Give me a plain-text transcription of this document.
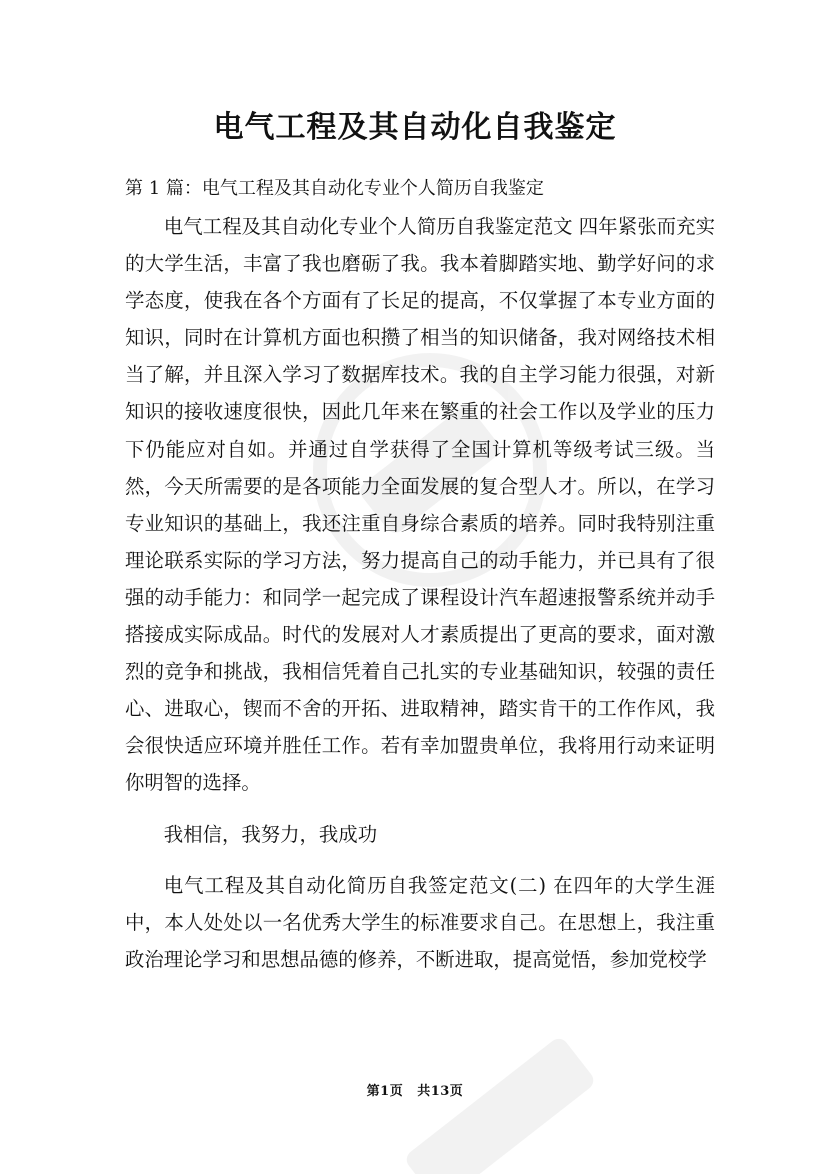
电气工程及其自动化自我鉴定
第 1 篇：电气工程及其自动化专业个人简历自我鉴定

电气工程及其自动化专业个人简历自我鉴定范文 四年紧张而充实的大学生活，丰富了我也磨砺了我。我本着脚踏实地、勤学好问的求学态度，使我在各个方面有了长足的提高，不仅掌握了本专业方面的知识，同时在计算机方面也积攒了相当的知识储备，我对网络技术相当了解，并且深入学习了数据库技术。我的自主学习能力很强，对新知识的接收速度很快，因此几年来在繁重的社会工作以及学业的压力下仍能应对自如。并通过自学获得了全国计算机等级考试三级。当然，今天所需要的是各项能力全面发展的复合型人才。所以，在学习专业知识的基础上，我还注重自身综合素质的培养。同时我特别注重理论联系实际的学习方法，努力提高自己的动手能力，并已具有了很强的动手能力：和同学一起完成了课程设计汽车超速报警系统并动手搭接成实际成品。时代的发展对人才素质提出了更高的要求，面对激烈的竞争和挑战，我相信凭着自己扎实的专业基础知识，较强的责任心、进取心，锲而不舍的开拓、进取精神，踏实肯干的工作作风，我会很快适应环境并胜任工作。若有幸加盟贵单位，我将用行动来证明你明智的选择。

我相信，我努力，我成功

电气工程及其自动化简历自我签定范文(二) 在四年的大学生涯中，本人处处以一名优秀大学生的标准要求自己。在思想上，我注重政治理论学习和思想品德的修养，不断进取，提高觉悟，参加党校学

第1页 共13页
